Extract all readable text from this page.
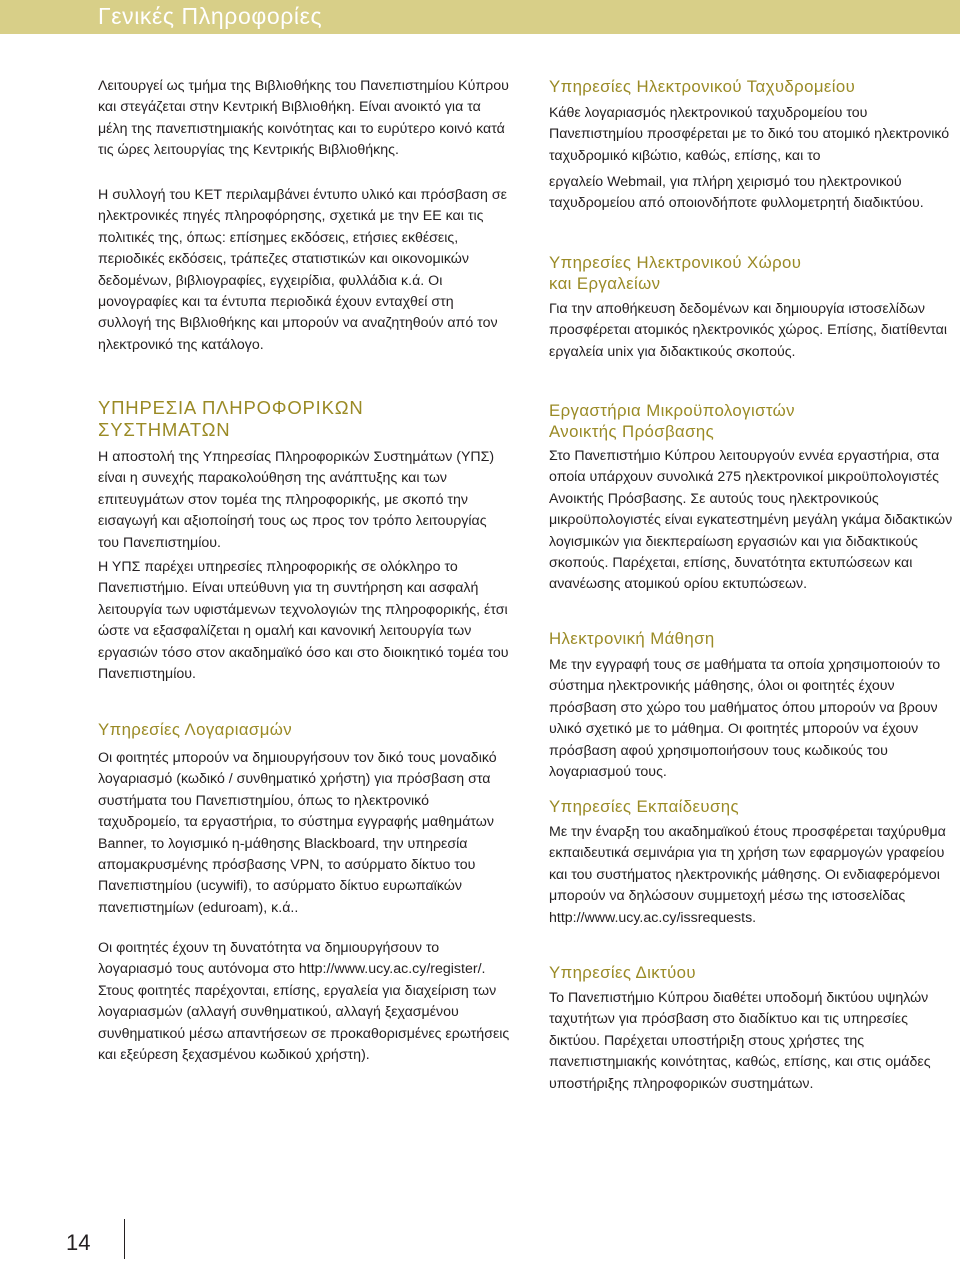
Γενικές Πληροφορίες

Λειτουργεί ως τμήμα της Βιβλιοθήκης του Πανεπιστημίου Κύπρου και στεγάζεται στην Κεντρική Βιβλιοθήκη. Είναι ανοικτό για τα μέλη της πανεπιστημιακής κοινότητας και το ευρύτερο κοινό κατά τις ώρες λειτουργίας της Κεντρικής Βιβλιοθήκης.

Η συλλογή του ΚΕΤ περιλαμβάνει έντυπο υλικό και πρόσβαση σε ηλεκτρονικές πηγές πληροφόρησης, σχετικά με την ΕΕ και τις πολιτικές της, όπως: επίσημες εκδόσεις, ετήσιες εκθέσεις, περιοδικές εκδόσεις, τράπεζες στατιστικών και οικονομικών δεδομένων, βιβλιογραφίες, εγχειρίδια, φυλλάδια κ.ά. Οι μονογραφίες και τα έντυπα περιοδικά έχουν ενταχθεί στη συλλογή της Βιβλιοθήκης και μπορούν να αναζητηθούν από τον ηλεκτρονικό της κατάλογο.

ΥΠΗΡΕΣΙΑ ΠΛΗΡΟΦΟΡΙΚΩΝ
ΣΥΣΤΗΜΑΤΩΝ

Η αποστολή της Υπηρεσίας Πληροφορικών Συστημάτων (ΥΠΣ) είναι η συνεχής παρακολούθηση της ανάπτυξης και των επιτευγμάτων στον τομέα της πληροφορικής, με σκοπό την εισαγωγή και αξιοποίησή τους ως προς τον τρόπο λειτουργίας του Πανεπιστημίου.

Η ΥΠΣ παρέχει υπηρεσίες πληροφορικής σε ολόκληρο το Πανεπιστήμιο. Είναι υπεύθυνη για τη συντήρηση και ασφαλή λειτουργία των υφιστάμενων τεχνολογιών της πληροφορικής, έτσι ώστε να εξασφαλίζεται η ομαλή και κανονική λειτουργία των εργασιών τόσο στον ακαδημαϊκό όσο και στο διοικητικό τομέα του Πανεπιστημίου.

Υπηρεσίες Λογαριασμών

Οι φοιτητές μπορούν να δημιουργήσουν τον δικό τους μοναδικό λογαριασμό (κωδικό / συνθηματικό χρήστη) για πρόσβαση στα συστήματα του Πανεπιστημίου, όπως το ηλεκτρονικό ταχυδρομείο, τα εργαστήρια, το σύστημα εγγραφής μαθημάτων Banner, το λογισμικό η-μάθησης Blackboard, την υπηρεσία απομακρυσμένης πρόσβασης VPN, το ασύρματο δίκτυο του Πανεπιστημίου (ucywifi), το ασύρματο δίκτυο ευρωπαϊκών πανεπιστημίων (eduroam), κ.ά..

Οι φοιτητές έχουν τη δυνατότητα να δημιουργήσουν το λογαριασμό τους αυτόνομα στο http://www.ucy.ac.cy/register/. Στους φοιτητές παρέχονται, επίσης, εργαλεία για διαχείριση των λογαριασμών (αλλαγή συνθηματικού, αλλαγή ξεχασμένου συνθηματικού μέσω απαντήσεων σε προκαθορισμένες ερωτήσεις και εξεύρεση ξεχασμένου κωδικού χρήστη).

Υπηρεσίες Ηλεκτρονικού Ταχυδρομείου

Κάθε λογαριασμός ηλεκτρονικού ταχυδρομείου του Πανεπιστημίου προσφέρεται με το δικό του ατομικό ηλεκτρονικό ταχυδρομικό κιβώτιο, καθώς, επίσης, και το

εργαλείο Webmail, για πλήρη χειρισμό του ηλεκτρονικού ταχυδρομείου από οποιονδήποτε φυλλομετρητή διαδικτύου.

Υπηρεσίες Ηλεκτρονικού Χώρου
και Εργαλείων

Για την αποθήκευση δεδομένων και δημιουργία ιστοσελίδων προσφέρεται ατομικός ηλεκτρονικός χώρος. Επίσης, διατίθενται εργαλεία unix για διδακτικούς σκοπούς.

Εργαστήρια Μικροϋπολογιστών
Ανοικτής Πρόσβασης

Στο Πανεπιστήμιο Κύπρου λειτουργούν εννέα εργαστήρια, στα οποία υπάρχουν συνολικά 275 ηλεκτρονικοί μικροϋπολογιστές Ανοικτής Πρόσβασης. Σε αυτούς τους ηλεκτρονικούς μικροϋπολογιστές είναι εγκατεστημένη μεγάλη γκάμα διδακτικών λογισμικών για διεκπεραίωση εργασιών και για διδακτικούς σκοπούς. Παρέχεται, επίσης, δυνατότητα εκτυπώσεων και ανανέωσης ατομικού ορίου εκτυπώσεων.

Ηλεκτρονική Μάθηση

Με την εγγραφή τους σε μαθήματα τα οποία χρησιμοποιούν το σύστημα ηλεκτρονικής μάθησης, όλοι οι φοιτητές έχουν πρόσβαση στο χώρο του μαθήματος όπου μπορούν να βρουν υλικό σχετικό με το μάθημα. Οι φοιτητές μπορούν να έχουν πρόσβαση αφού χρησιμοποιήσουν τους κωδικούς του λογαριασμού τους.

Υπηρεσίες Εκπαίδευσης

Με την έναρξη του ακαδημαϊκού έτους προσφέρεται ταχύρυθμα εκπαιδευτικά σεμινάρια για τη χρήση των εφαρμογών γραφείου και του συστήματος ηλεκτρονικής μάθησης. Οι ενδιαφερόμενοι μπορούν να δηλώσουν συμμετοχή μέσω της ιστοσελίδας http://www.ucy.ac.cy/issrequests.

Υπηρεσίες Δικτύου

Το Πανεπιστήμιο Κύπρου διαθέτει υποδομή δικτύου υψηλών ταχυτήτων για πρόσβαση στο διαδίκτυο και τις υπηρεσίες δικτύου. Παρέχεται υποστήριξη στους χρήστες της πανεπιστημιακής κοινότητας, καθώς, επίσης, και στις ομάδες υποστήριξης πληροφορικών συστημάτων.

14
